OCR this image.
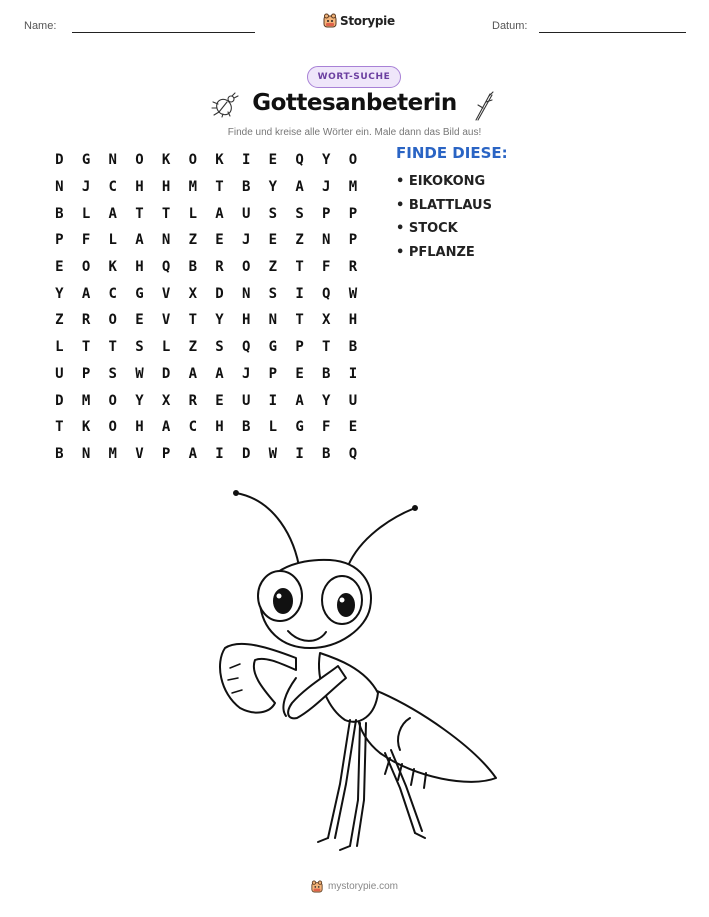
Name:	Storypie	Datum:
WORT-SUCHE
Gottesanbeterin
Finde und kreise alle Wörter ein. Male dann das Bild aus!
D	G	N	O	K	O	K	I	E	Q	Y	O
N	J	C	H	H	M	T	B	Y	A	J	M
B	L	A	T	T	L	A	U	S	S	P	P
P	F	L	A	N	Z	E	J	E	Z	N	P
E	O	K	H	Q	B	R	O	Z	T	F	R
Y	A	C	G	V	X	D	N	S	I	Q	W
Z	R	O	E	V	T	Y	H	N	T	X	H
L	T	T	S	L	Z	S	Q	G	P	T	B
U	P	S	W	D	A	A	J	P	E	B	I
D	M	O	Y	X	R	E	U	I	A	Y	U
T	K	O	H	A	C	H	B	L	G	F	E
B	N	M	V	P	A	I	D	W	I	B	Q
FINDE DIESE:
• EIKOKONG
• BLATTLAUS
• STOCK
• PFLANZE
mystorypie.com
